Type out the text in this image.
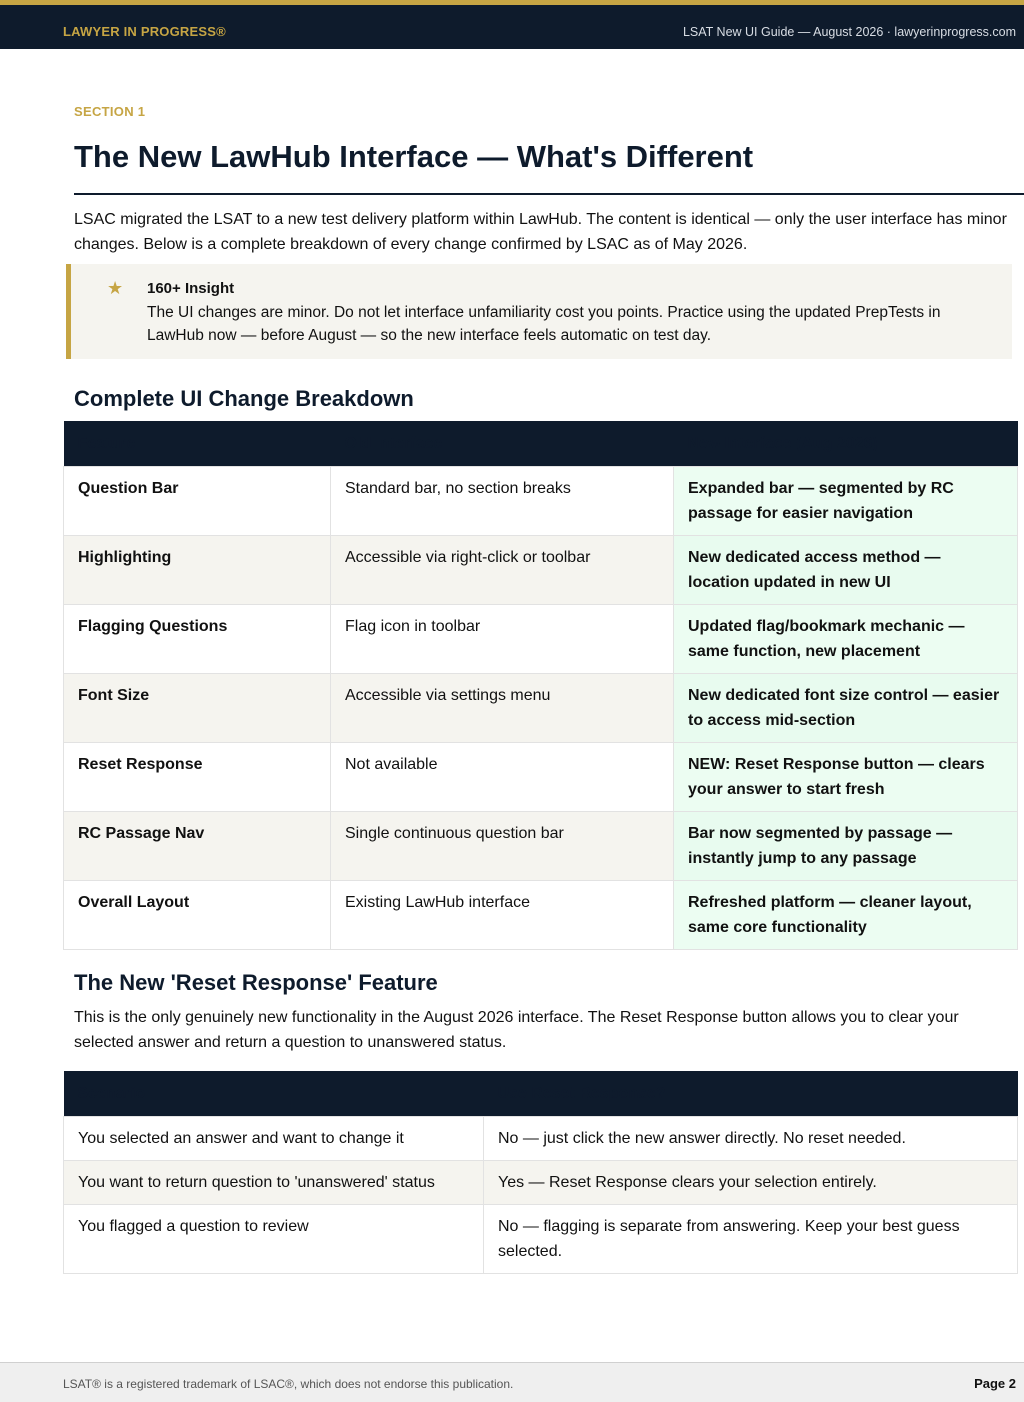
LAWYER IN PROGRESS®	LSAT New UI Guide — August 2026 · lawyerinprogress.com
SECTION 1
The New LawHub Interface — What's Different

LSAC migrated the LSAT to a new test delivery platform within LawHub. The content is identical — only the user interface has minor changes. Below is a complete breakdown of every change confirmed by LSAC as of May 2026.

★ 160+ Insight
The UI changes are minor. Do not let interface unfamiliarity cost you points. Practice using the updated PrepTests in LawHub now — before August — so the new interface feels automatic on test day.
Complete UI Change Breakdown
Feature	Old Interface	New Interface (Aug 2026)
Question Bar	Standard bar, no section breaks	Expanded bar — segmented by RC passage for easier navigation
Highlighting	Accessible via right-click or toolbar	New dedicated access method — location updated in new UI
Flagging Questions	Flag icon in toolbar	Updated flag/bookmark mechanic — same function, new placement
Font Size	Accessible via settings menu	New dedicated font size control — easier to access mid-section
Reset Response	Not available	NEW: Reset Response button — clears your answer to start fresh
RC Passage Nav	Single continuous question bar	Bar now segmented by passage — instantly jump to any passage
Overall Layout	Existing LawHub interface	Refreshed platform — cleaner layout, same core functionality
The New 'Reset Response' Feature

This is the only genuinely new functionality in the August 2026 interface. The Reset Response button allows you to clear your selected answer and return a question to unanswered status.

Scenario	Use Reset Response?
You selected an answer and want to change it	No — just click the new answer directly. No reset needed.
You want to return question to 'unanswered' status	Yes — Reset Response clears your selection entirely.
You flagged a question to review	No — flagging is separate from answering. Keep your best guess selected.
LSAT® is a registered trademark of LSAC®, which does not endorse this publication.	Page 2
